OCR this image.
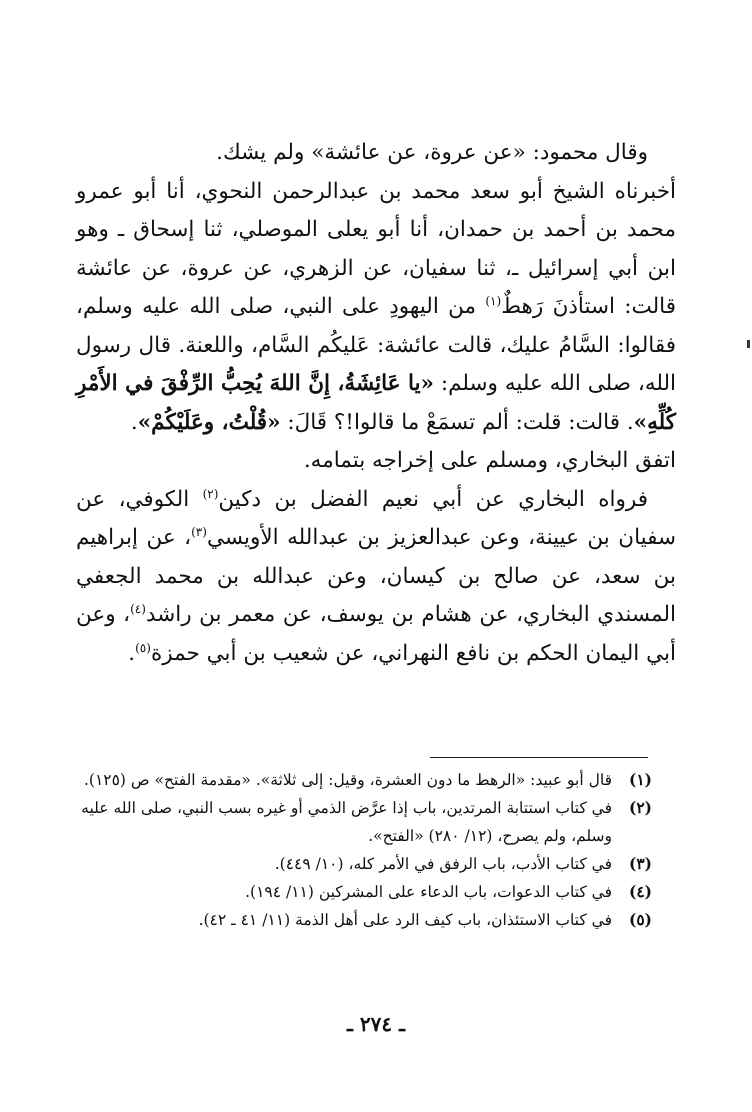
وقال محمود: «عن عروة، عن عائشة» ولم يشك.

أخبرناه الشيخ أبو سعد محمد بن عبدالرحمن النحوي، أنا أبو عمرو محمد بن أحمد بن حمدان، أنا أبو يعلى الموصلي، ثنا إسحاق ـ وهو ابن أبي إسرائيل ـ، ثنا سفيان، عن الزهري، عن عروة، عن عائشة قالت: استأذنَ رَهطٌ$^{(١)}$ من اليهودِ على النبي، صلى الله عليه وسلم، فقالوا: السَّامُ عليك، قالت عائشة: عَليكُم السَّام، واللعنة. قال رسول الله، صلى الله عليه وسلم: «يا عَائِشَةُ، إِنَّ اللهَ يُحِبُّ الرِّفْقَ في الأَمْرِ كُلِّهِ». قالت: قلت: ألم تسمَعْ ما قالوا!؟ قَالَ: «قُلْتُ، وعَلَيْكُمْ».

اتفق البخاري، ومسلم على إخراجه بتمامه.

فرواه البخاري عن أبي نعيم الفضل بن دكين$^{(٢)}$ الكوفي، عن سفيان بن عيينة، وعن عبدالعزيز بن عبدالله الأويسي$^{(٣)}$، عن إبراهيم بن سعد، عن صالح بن كيسان، وعن عبدالله بن محمد الجعفي المسندي البخاري، عن هشام بن يوسف، عن معمر بن راشد$^{(٤)}$، وعن أبي اليمان الحكم بن نافع النهراني، عن شعيب بن أبي حمزة$^{(٥)}$.

(١)
قال أبو عبيد: «الرهط ما دون العشرة، وقيل: إلى ثلاثة». «مقدمة الفتح» ص (١٢٥).
(٢)
في كتاب استتابة المرتدين، باب إذا عرَّض الذمي أو غيره بسب النبي، صلى الله عليه وسلم، ولم يصرح، (١٢/ ٢٨٠) «الفتح».
(٣)
في كتاب الأدب، باب الرفق في الأمر كله، (١٠/ ٤٤٩).
(٤)
في كتاب الدعوات، باب الدعاء على المشركين (١١/ ١٩٤).
(٥)
في كتاب الاستئذان، باب كيف الرد على أهل الذمة (١١/ ٤١ ـ ٤٢).
ـ ٢٧٤ ـ
